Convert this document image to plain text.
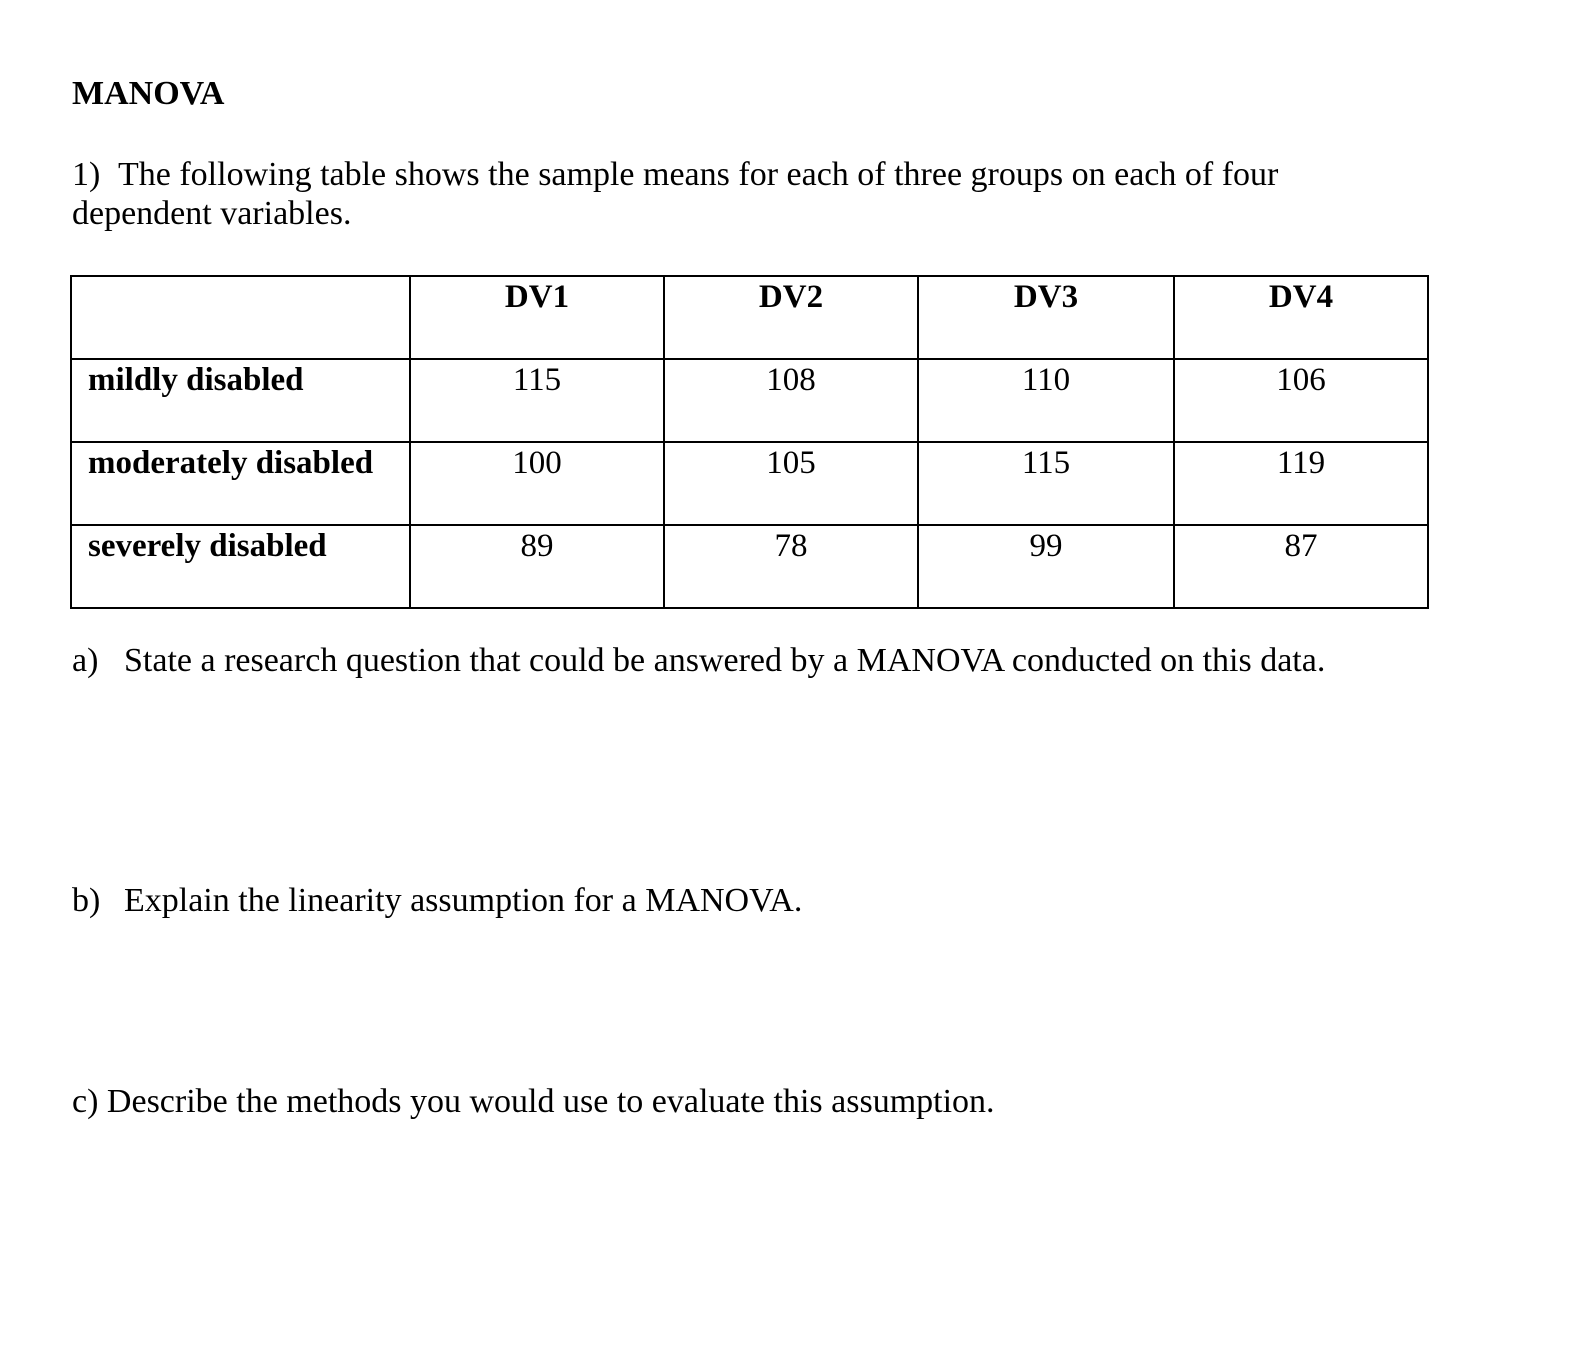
MANOVA
1) The following table shows the sample means for each of three groups on each of four dependent variables.
	DV1	DV2	DV3	DV4
mildly disabled	115	108	110	106
moderately disabled	100	105	115	119
severely disabled	89	78	99	87
a) State a research question that could be answered by a MANOVA conducted on this data.
b) Explain the linearity assumption for a MANOVA.
c) Describe the methods you would use to evaluate this assumption.
